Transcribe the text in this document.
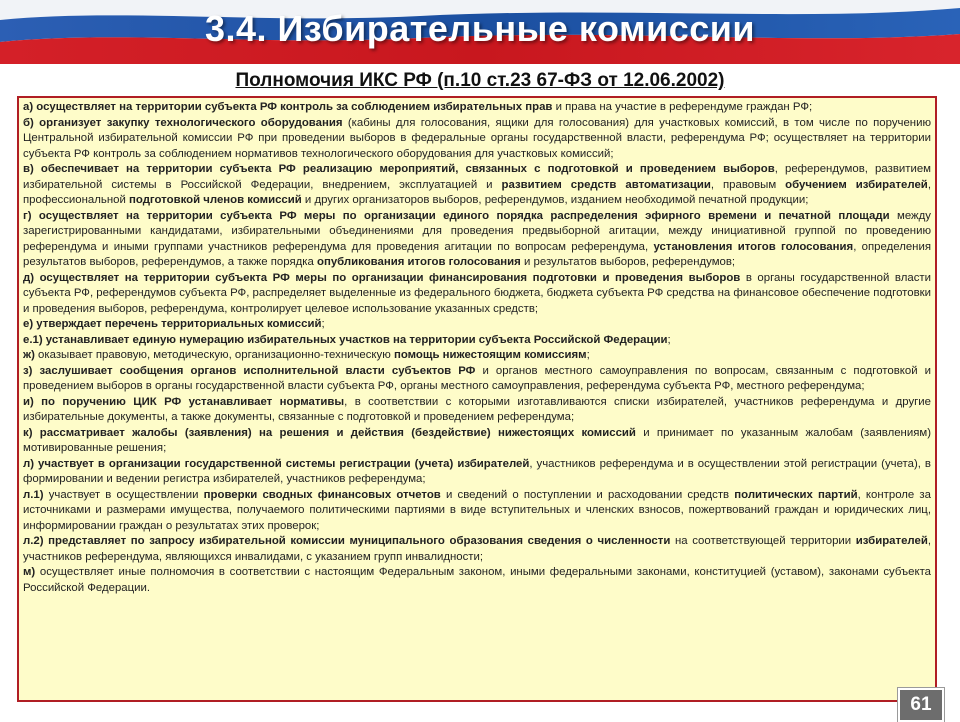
3.4. Избирательные комиссии
Полномочия ИКС РФ (п.10 ст.23 67-ФЗ от 12.06.2002)

а) осуществляет на территории субъекта РФ контроль за соблюдением избирательных прав и права на участие в референдуме граждан РФ;

б) организует закупку технологического оборудования (кабины для голосования, ящики для голосования) для участковых комиссий, в том числе по поручению Центральной избирательной комиссии РФ при проведении выборов в федеральные органы государственной власти, референдума РФ; осуществляет на территории субъекта РФ контроль за соблюдением нормативов технологического оборудования для участковых комиссий;

в) обеспечивает на территории субъекта РФ реализацию мероприятий, связанных с подготовкой и проведением выборов, референдумов, развитием избирательной системы в Российской Федерации, внедрением, эксплуатацией и развитием средств автоматизации, правовым обучением избирателей, профессиональной подготовкой членов комиссий и других организаторов выборов, референдумов, изданием необходимой печатной продукции;

г) осуществляет на территории субъекта РФ меры по организации единого порядка распределения эфирного времени и печатной площади между зарегистрированными кандидатами, избирательными объединениями для проведения предвыборной агитации, между инициативной группой по проведению референдума и иными группами участников референдума для проведения агитации по вопросам референдума, установления итогов голосования, определения результатов выборов, референдумов, а также порядка опубликования итогов голосования и результатов выборов, референдумов;

д) осуществляет на территории субъекта РФ меры по организации финансирования подготовки и проведения выборов в органы государственной власти субъекта РФ, референдумов субъекта РФ, распределяет выделенные из федерального бюджета, бюджета субъекта РФ средства на финансовое обеспечение подготовки и проведения выборов, референдума, контролирует целевое использование указанных средств;

е) утверждает перечень территориальных комиссий;

е.1) устанавливает единую нумерацию избирательных участков на территории субъекта Российской Федерации;

ж) оказывает правовую, методическую, организационно-техническую помощь нижестоящим комиссиям;

з) заслушивает сообщения органов исполнительной власти субъектов РФ и органов местного самоуправления по вопросам, связанным с подготовкой и проведением выборов в органы государственной власти субъекта РФ, органы местного самоуправления, референдума субъекта РФ, местного референдума;

и) по поручению ЦИК РФ устанавливает нормативы, в соответствии с которыми изготавливаются списки избирателей, участников референдума и другие избирательные документы, а также документы, связанные с подготовкой и проведением референдума;

к) рассматривает жалобы (заявления) на решения и действия (бездействие) нижестоящих комиссий и принимает по указанным жалобам (заявлениям) мотивированные решения;

л) участвует в организации государственной системы регистрации (учета) избирателей, участников референдума и в осуществлении этой регистрации (учета), в формировании и ведении регистра избирателей, участников референдума;

л.1) участвует в осуществлении проверки сводных финансовых отчетов и сведений о поступлении и расходовании средств политических партий, контроле за источниками и размерами имущества, получаемого политическими партиями в виде вступительных и членских взносов, пожертвований граждан и юридических лиц, информировании граждан о результатах этих проверок;

л.2) представляет по запросу избирательной комиссии муниципального образования сведения о численности на соответствующей территории избирателей, участников референдума, являющихся инвалидами, с указанием групп инвалидности;

м) осуществляет иные полномочия в соответствии с настоящим Федеральным законом, иными федеральными законами, конституцией (уставом), законами субъекта Российской Федерации.

61
